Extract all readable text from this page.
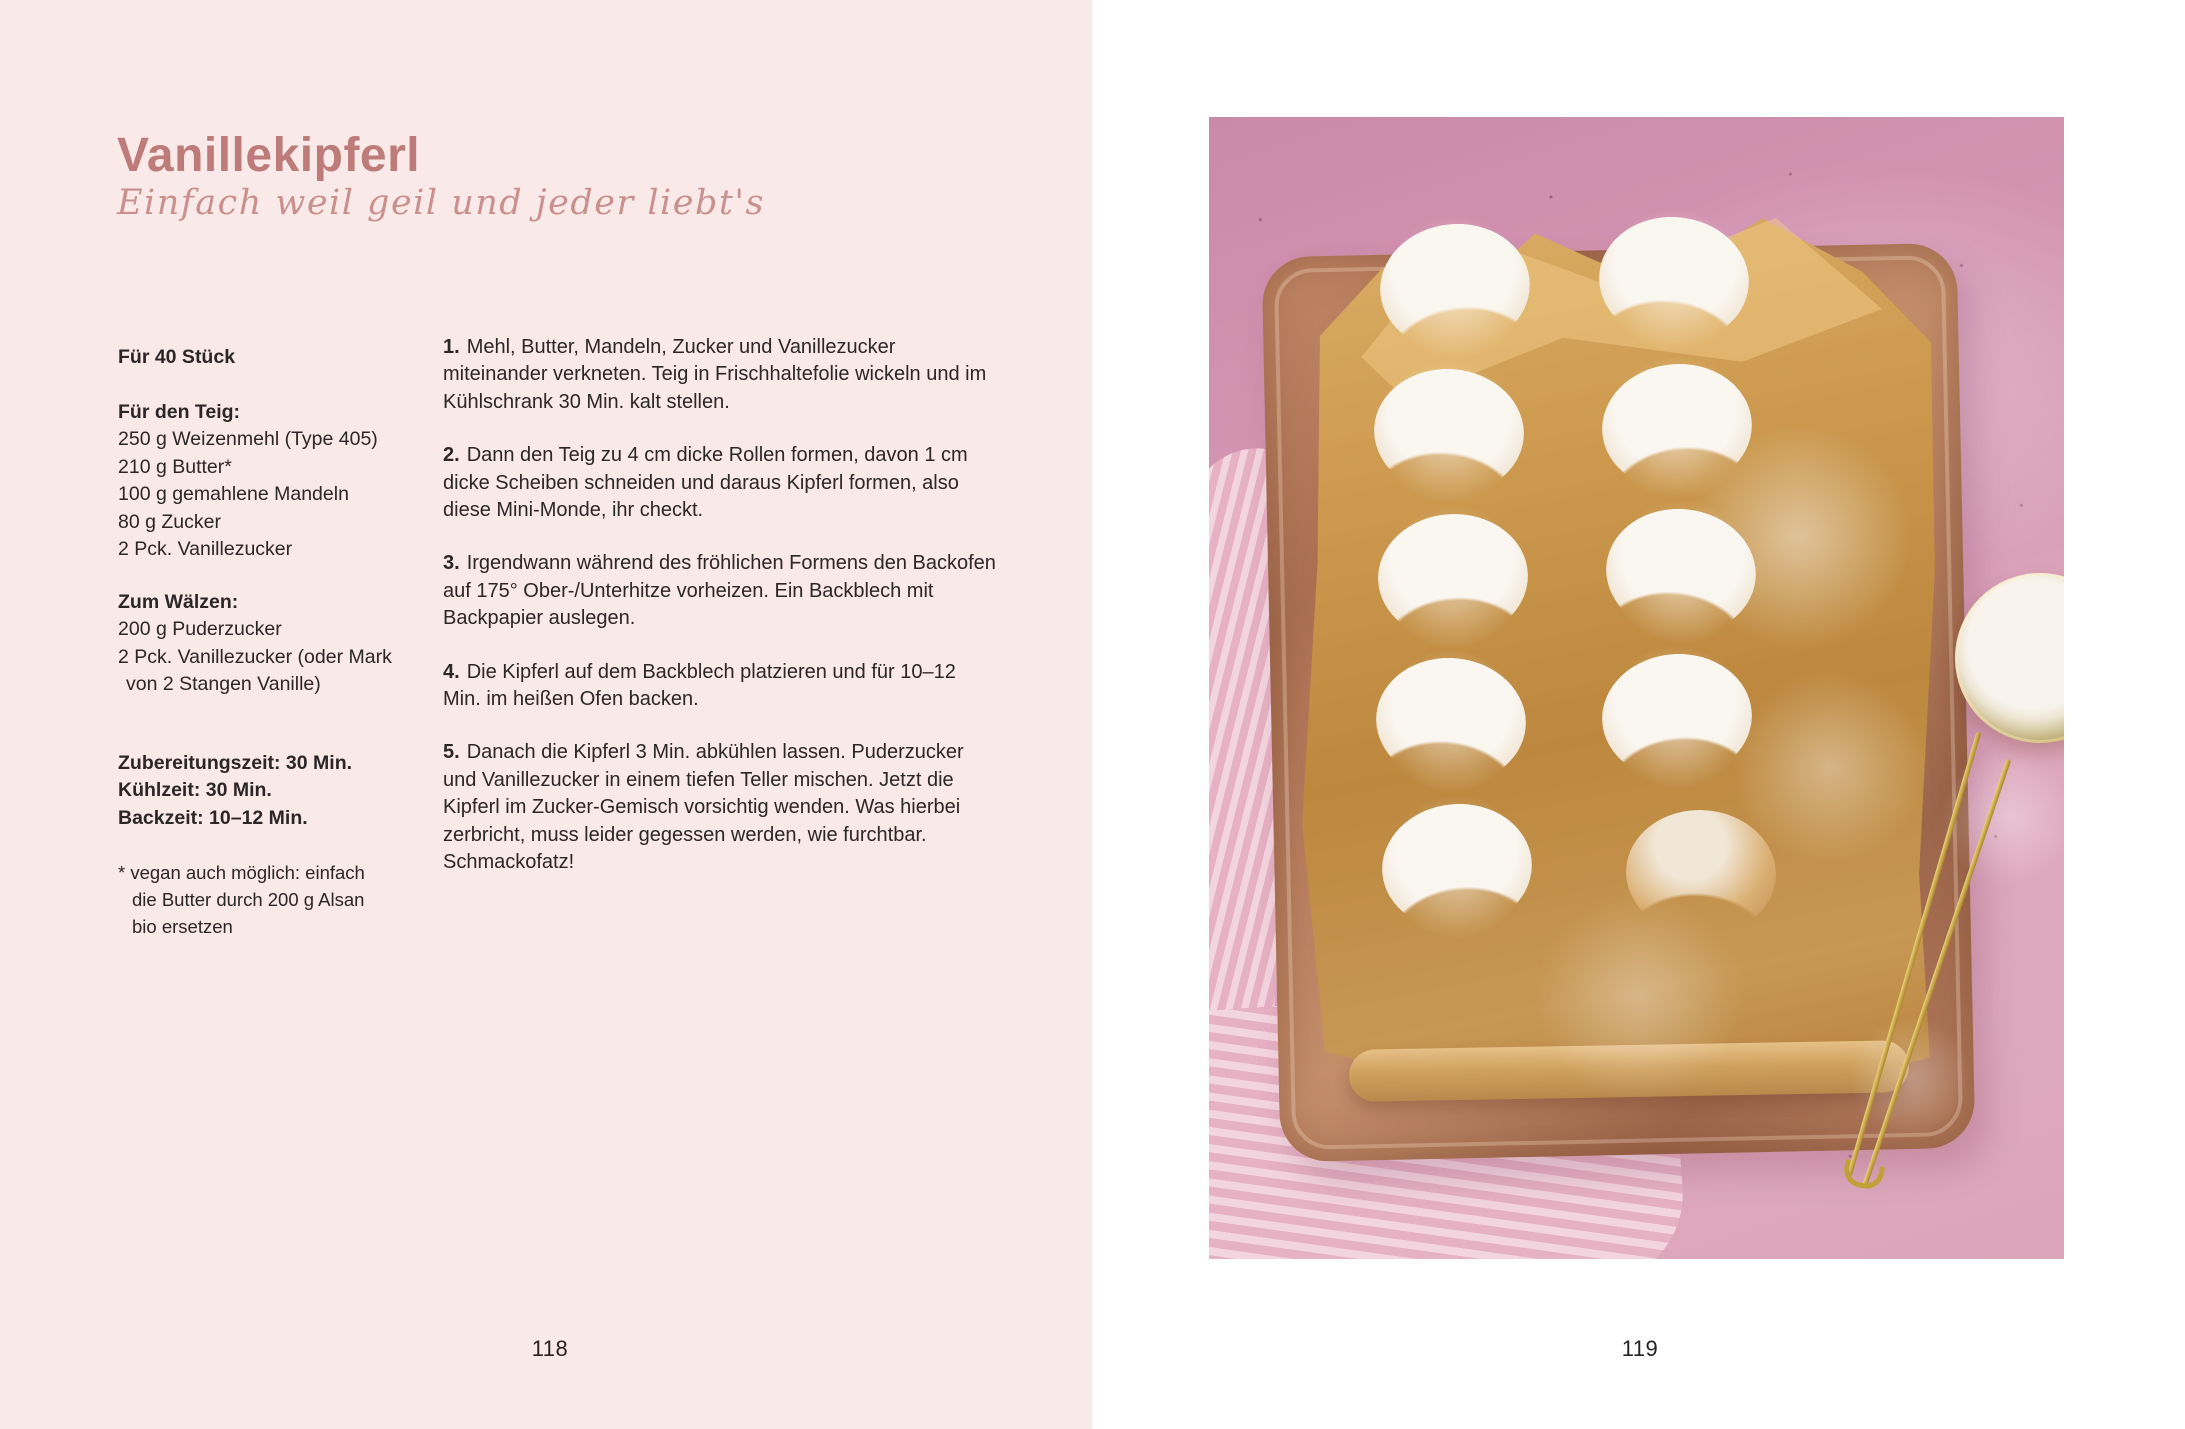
Vanillekipferl
Einfach weil geil und jeder liebt's
Für 40 Stück
Für den Teig:
250 g Weizenmehl (Type 405)
210 g Butter*
100 g gemahlene Mandeln
80 g Zucker
2 Pck. Vanillezucker
Zum Wälzen:
200 g Puderzucker
2 Pck. Vanillezucker (oder Mark von 2 Stangen Vanille)
Zubereitungszeit: 30 Min.
Kühlzeit: 30 Min.
Backzeit: 10–12 Min.
* vegan auch möglich: einfach die Butter durch 200 g Alsan bio ersetzen

1. Mehl, Butter, Mandeln, Zucker und Vanillezucker miteinander verkneten. Teig in Frischhaltefolie wickeln und im Kühlschrank 30 Min. kalt stellen.

2. Dann den Teig zu 4 cm dicke Rollen formen, davon 1 cm dicke Scheiben schneiden und daraus Kipferl formen, also diese Mini-Monde, ihr checkt.

3. Irgendwann während des fröhlichen Formens den Backofen auf 175° Ober-/Unterhitze vorheizen. Ein Backblech mit Backpapier auslegen.

4. Die Kipferl auf dem Backblech platzieren und für 10–12 Min. im heißen Ofen backen.

5. Danach die Kipferl 3 Min. abkühlen lassen. Puderzucker und Vanillezucker in einem tiefen Teller mischen. Jetzt die Kipferl im Zucker-Gemisch vorsichtig wenden. Was hierbei zerbricht, muss leider gegessen werden, wie furchtbar. Schmackofatz!

118	119
